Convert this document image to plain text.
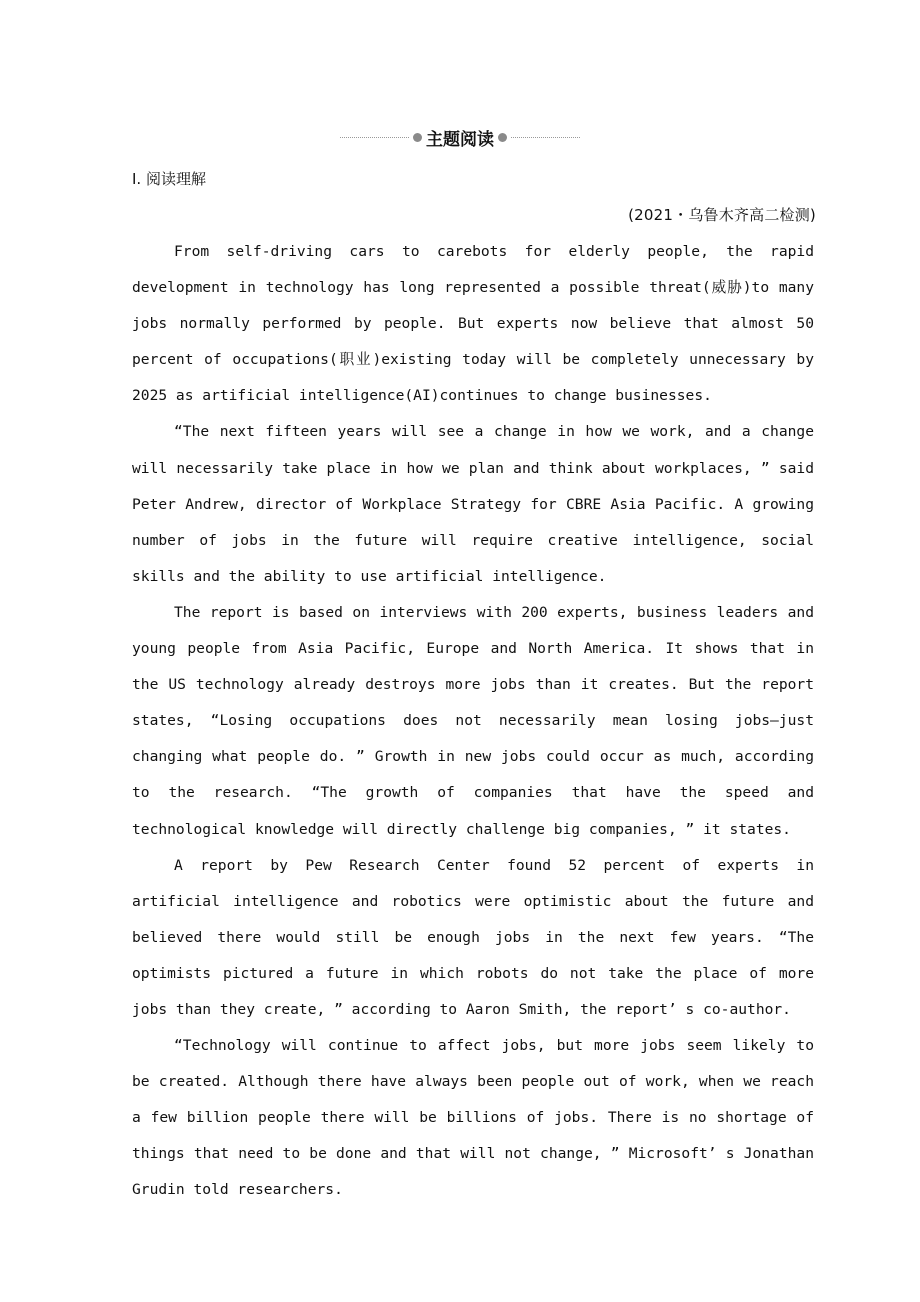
主题阅读
Ⅰ. 阅读理解
(2021・乌鲁木齐高二检测)

From self-driving cars to carebots for elderly people, the rapid development in technology has long represented a possible threat(威胁)to many jobs normally performed by people. But experts now believe that almost 50 percent of occupations(职业)existing today will be completely unnecessary by 2025 as artificial intelligence(AI)continues to change businesses.

“The next fifteen years will see a change in how we work, and a change will necessarily take place in how we plan and think about workplaces, ” said Peter Andrew, director of Workplace Strategy for CBRE Asia Pacific. A growing number of jobs in the future will require creative intelligence, social skills and the ability to use artificial intelligence.

The report is based on interviews with 200 experts, business leaders and young people from Asia Pacific, Europe and North America. It shows that in the US technology already destroys more jobs than it creates. But the report states, “Losing occupations does not necessarily mean losing jobs—just changing what people do. ” Growth in new jobs could occur as much, according to the research. “The growth of companies that have the speed and technological knowledge will directly challenge big companies, ” it states.

A report by Pew Research Center found 52 percent of experts in artificial intelligence and robotics were optimistic about the future and believed there would still be enough jobs in the next few years. “The optimists pictured a future in which robots do not take the place of more jobs than they create, ” according to Aaron Smith, the report’ s co-author.

“Technology will continue to affect jobs, but more jobs seem likely to be created. Although there have always been people out of work, when we reach a few billion people there will be billions of jobs. There is no shortage of things that need to be done and that will not change, ” Microsoft’ s Jonathan Grudin told researchers.
